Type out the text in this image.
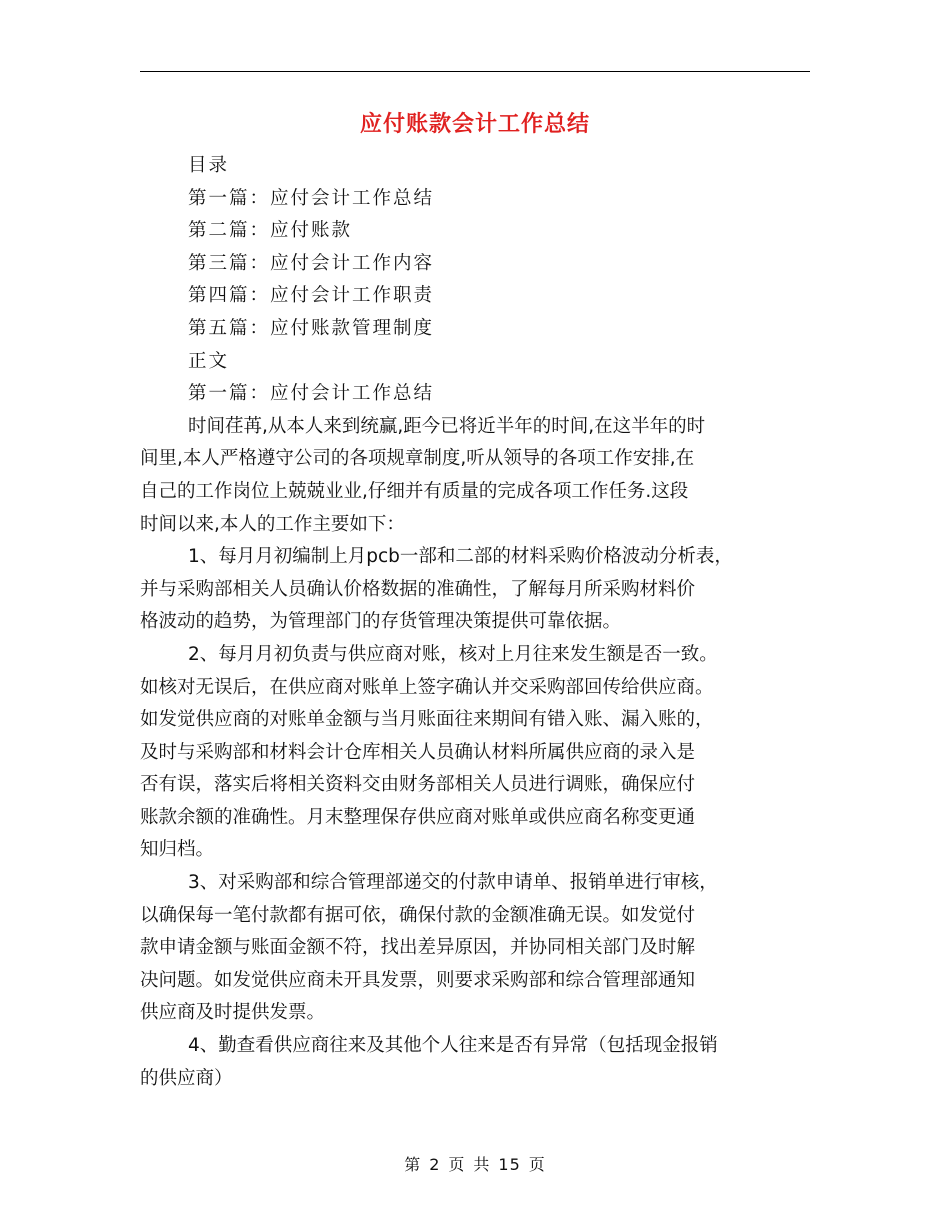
应付账款会计工作总结
目录
第一篇：应付会计工作总结
第二篇：应付账款
第三篇：应付会计工作内容
第四篇：应付会计工作职责
第五篇：应付账款管理制度
正文
第一篇：应付会计工作总结
时间荏苒,从本人来到统赢,距今已将近半年的时间,在这半年的时
间里,本人严格遵守公司的各项规章制度,听从领导的各项工作安排,在
自己的工作岗位上兢兢业业,仔细并有质量的完成各项工作任务.这段
时间以来,本人的工作主要如下：
1、每月月初编制上月pcb一部和二部的材料采购价格波动分析表，
并与采购部相关人员确认价格数据的准确性，了解每月所采购材料价
格波动的趋势，为管理部门的存货管理决策提供可靠依据。
2、每月月初负责与供应商对账，核对上月往来发生额是否一致。
如核对无误后，在供应商对账单上签字确认并交采购部回传给供应商。
如发觉供应商的对账单金额与当月账面往来期间有错入账、漏入账的，
及时与采购部和材料会计仓库相关人员确认材料所属供应商的录入是
否有误，落实后将相关资料交由财务部相关人员进行调账，确保应付
账款余额的准确性。月末整理保存供应商对账单或供应商名称变更通
知归档。
3、对采购部和综合管理部递交的付款申请单、报销单进行审核，
以确保每一笔付款都有据可依，确保付款的金额准确无误。如发觉付
款申请金额与账面金额不符，找出差异原因，并协同相关部门及时解
决问题。如发觉供应商未开具发票，则要求采购部和综合管理部通知
供应商及时提供发票。
4、勤查看供应商往来及其他个人往来是否有异常（包括现金报销
的供应商）
第 2 页 共 15 页
